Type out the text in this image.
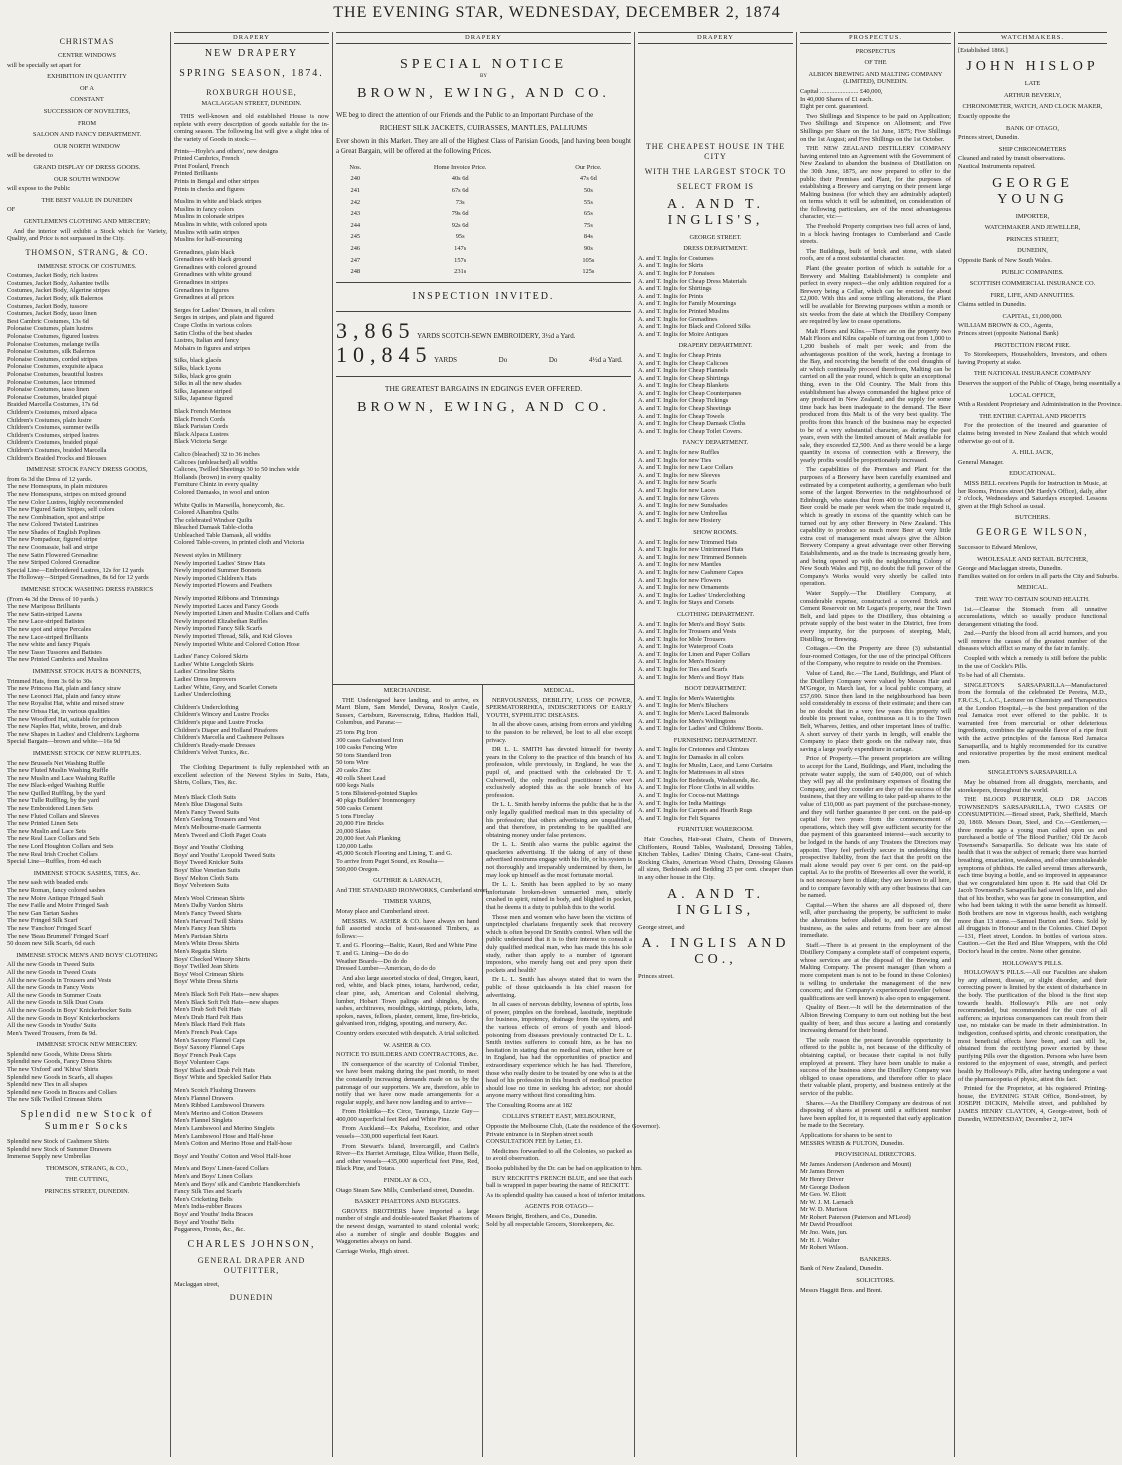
THE EVENING STAR, WEDNESDAY, DECEMBER 2, 1874
CHRISTMAS
CENTRE WINDOWS
will be specially set apart for
EXHIBITION IN QUANTITY
OF A
CONSTANT
SUCCESSION OF NOVELTIES,
FROM
SALOON AND FANCY DEPARTMENT.
OUR NORTH WINDOW
will be devoted to
GRAND DISPLAY OF DRESS GOODS.
OUR SOUTH WINDOW
will expose to the Public
THE BEST VALUE IN DUNEDIN
OF
GENTLEMEN'S CLOTHING AND MERCERY;
And the interior will exhibit a Stock which for Variety, Quality, and Price is not surpassed in the City.
THOMSON, STRANG, & CO.
IMMENSE STOCK OF COSTUMES.
Costumes, Jacket Body, rich lustres
Costumes, Jacket Body, Ashantee twills
Costumes, Jacket Body, Algerine stripes
Costumes, Jacket Body, silk Balernos
Costumes, Jacket Body, tussore
Costumes, Jacket Body, tasso linen
Best Cambric Costumes, 13s 6d
Polonaise Costumes, plain lustres
Polonaise Costumes, figured lustres
Polonaise Costumes, melange twills
Polonaise Costumes, silk Balernos
Polonaise Costumes, corded stripes
Polonaise Costumes, exquisite alpaca
Polonaise Costumes, beautiful lustres
Polonaise Costumes, lace trimmed
Polonaise Costumes, tasso linen
Polonaise Costumes, braided piqué
Braided Marcella Costumes, 17s 6d
Children's Costumes, mixed alpaca
Children's Costumes, plain lustre
Children's Costumes, summer twills
Children's Costumes, striped lustres
Children's Costumes, braided piqué
Children's Costumes, braided Marcella
Children's Braided Frocks and Blouses
IMMENSE STOCK FANCY DRESS GOODS,
from 6s 3d the Dress of 12 yards.
The new Homespuns, in plain mixtures
The new Homespuns, stripes on mixed ground
The new Color Lustres, highly recommended
The new Figured Satin Stripes, self colors
The new Combination, spot and stripe
The new Colored Twisted Lustrines
The new Shades of English Poplines
The new Pompadour, figured stripe
The new Coomassie, ball and stripe
The new Satin Flowered Grenadine
The new Striped Colored Grenadine
Special Line—Embroidered Lustres, 12s for 12 yards
The Holloway—Striped Grenadines, 8s 6d for 12 yards
IMMENSE STOCK WASHING DRESS FABRICS
(From 4s 3d the Dress of 10 yards.)
The new Mariposa Brilliants
The new Satin-striped Lawns
The new Lace-striped Batistes
The new spot and stripe Percales
The new Lace-striped Brilliants
The new white and fancy Piqués
The new Tasso Tussores and Batistes
The new Printed Cambrics and Muslins
IMMENSE STOCK HATS & BONNETS,
Trimmed Hats, from 3s 6d to 30s
The new Princess Hat, plain and fancy straw
The new Leonoci Hat, plain and fancy straw
The new Royalist Hat, white and mixed straw
The new Orissa Hat, in various qualities
The new Woodford Hat, suitable for princes
The new Naples Hat, white, brown, and drab
The new Shapes in Ladies' and Children's Leghorns
Special Bargain—brown and white—16s 9d
IMMENSE STOCK OF NEW RUFFLES.
The new Brussels Net Washing Ruffle
The new Fluted Muslin Washing Ruffle
The new Muslin and Lace Washing Ruffle
The new Black-edged Washing Ruffle
The new Quilled Ruffling, by the yard
The new Tulle Ruffling, by the yard
The new Embroidered Linen Sets
The new Fluted Collars and Sleeves
The new Printed Linen Sets
The new Muslin and Lace Sets
The new Real Lace Collars and Sets
The new Lord Houghton Collars and Sets
The new Real Irish Crochet Collars
Special Line—Ruffles, from 4d each
IMMENSE STOCK SASHES, TIES, &c.
The new sash with beaded ends
The new Roman, fancy colored sashes
The new Moire Antique Fringed Sash
The new Faille and Moire Fringed Sash
The new Gan Tartan Sashes
The new Fringed Silk Scarf
The new 'Fanchon' Fringed Scarf
The new 'Beau Brummel' Fringed Scarf
50 dozen new Silk Scarfs, 6d each
IMMENSE STOCK MEN'S AND BOYS' CLOTHING
All the new Goods in Tweed Suits
All the new Goods in Tweed Coats
All the new Goods in Trousers and Vests
All the new Goods in Fancy Vests
All the new Goods in Summer Coats
All the new Goods in Silk Dust Coats
All the new Goods in Boys' Knickerbocker Suits
All the new Goods in Boys' Knickerbockers
All the new Goods in Youths' Suits
Men's Tweed Trousers, from 8s 9d.
IMMENSE STOCK NEW MERCERY.
Splendid new Goods, White Dress Shirts
Splendid new Goods, Fancy Dress Shirts
The new 'Oxford' and 'Khiva' Shirts
Splendid new Goods in Scarfs, all shapes
Splendid new Ties in all shapes
Splendid new Goods in Braces and Collars
The new Silk Twilled Crimean Shirts
Splendid new Stock of Summer Socks
Splendid new Stock of Cashmere Shirts
Splendid new Stock of Summer Drawers
Immense Supply new Umbrellas
THOMSON, STRANG, & CO.,
THE CUTTING,
PRINCES STREET, DUNEDIN.
DRAPERY
NEW DRAPERY
SPRING SEASON, 1874.
ROXBURGH HOUSE,
MACLAGGAN STREET, DUNEDIN.
THIS well-known and old established House is now replete with every description of goods suitable for the in-coming season. The following list will give a slight idea of the variety of Goods in stock:—
Prints—Hoyle's and others', new designs
Printed Cambrics, French
Print Foulard, French
Printed Brilliants
Prints in Bengal and other stripes
Prints in checks and figures
Muslins in white and black stripes
Muslins in fancy colors
Muslins in colonade stripes
Muslins in white, with colored spots
Muslins with satin stripes
Muslins for half-mourning
Grenadines, plain black
Grenadines with black ground
Grenadines with colored ground
Grenadines with white ground
Grenadines in stripes
Grenadines in figures
Grenadines at all prices
Serges for Ladies' Dresses, in all colors
Serges in stripes, and plain and figured
Crape Cloths in various colors
Satin Cloths of the best shades
Lustres, Italian and fancy
Mohairs in figures and stripes
Silks, black glacés
Silks, black Lyons
Silks, black gros grain
Silks in all the new shades
Silks, Japanese striped
Silks, Japanese figured
Black French Merinos
Black French Cords
Black Parisian Cords
Black Alpaca Lustres
Black Victoria Serge
Calico (bleached) 32 to 36 inches
Calicoes (unbleached) all widths
Calicoes, Twilled Sheetings 30 to 50 inches wide
Hollands (brown) in every quality
Furniture Chintz in every quality
Colored Damasks, in wool and union
White Quilts in Marseilla, honeycomb, &c.
Colored Alhambra Quilts
The celebrated Windsor Quilts
Bleached Damask Table-cloths
Unbleached Table Damask, all widths
Colored Table-covers, in printed cloth and Victoria
Newest styles in Millinery
Newly imported Ladies' Straw Hats
Newly imported Summer Bonnets
Newly imported Children's Hats
Newly imported Flowers and Feathers
Newly imported Ribbons and Trimmings
Newly imported Laces and Fancy Goods
Newly imported Linen and Muslin Collars and Cuffs
Newly imported Elizabethan Ruffles
Newly imported Fancy Silk Scarfs
Newly imported Thread, Silk, and Kid Gloves
Newly imported White and Colored Cotton Hose
Ladies' Fancy Colored Skirts
Ladies' White Longcloth Skirts
Ladies' Crinoline Skirts
Ladies' Dress Improvers
Ladies' White, Grey, and Scarlet Corsets
Ladies' Underclothing
Children's Underclothing
Children's Wincey and Lustre Frocks
Children's pique and Lustre Frocks
Children's Diaper and Holland Pinafores
Children's Marcella and Cashmere Pelisses
Children's Ready-made Dresses
Children's Velvet Tunics, &c.
The Clothing Department is fully replenished with an excellent selection of the Newest Styles in Suits, Hats, Shirts, Collars, Ties, &c.
Men's Black Cloth Suits
Men's Blue Diagonal Suits
Men's Fancy Tweed Suits
Men's Geelong Trousers and Vest
Men's Melbourne-made Garments
Men's Tweed and Cloth Paget Coats
Boys' and Youths' Clothing
Boys' and Youths' Leopold Tweed Suits
Boys' Tweed Knicker Suits
Boys' Blue Venetian Suits
Boys' Melton Cloth Suits
Boys' Velveteen Suits
Men's Wool Crimean Shirts
Men's Dalby Vardon Shirts
Men's Fancy Tweed Shirts
Men's Harvard Twill Shirts
Men's Fancy Jean Shirts
Men's Parisian Shirts
Men's White Dress Shirts
Men's Regatta Shirts
Boys' Checked Wincey Shirts
Boys' Twilled Jean Shirts
Boys' Wool Crimean Shirts
Boys' White Dress Shirts
Men's Black Soft Felt Hats—new shapes
Men's Black Soft Felt Hats—new shapes
Men's Drab Soft Felt Hats
Men's Drab Hard Felt Hats
Men's Black Hard Felt Hats
Men's French Peak Caps
Men's Saxony Flannel Caps
Boys' Saxony Flannel Caps
Boys' French Peak Caps
Boys' Volunteer Caps
Boys' Black and Drab Felt Hats
Boys' White and Speckled Sailor Hats
Men's Scotch Flushing Drawers
Men's Flannel Drawers
Men's Ribbed Lambswool Drawers
Men's Merino and Cotton Drawers
Men's Flannel Singlets
Men's Lambswool and Merino Singlets
Men's Lambswool Hose and Half-hose
Men's Cotton and Merino Hose and Half-hose
Boys' and Youths' Cotton and Wool Half-hose
Men's and Boys' Linen-faced Collars
Men's and Boys' Linen Collars
Men's and Boys' silk and Cambric Handkerchiefs
Fancy Silk Ties and Scarfs
Men's Cricketing Belts
Men's India-rubber Braces
Boys' and Youths' India Braces
Boys' and Youths' Belts
Puggarees, Fronts, &c., &c.
CHARLES JOHNSON,
GENERAL DRAPER AND OUTFITTER,
Maclaggan street,
DUNEDIN
DRAPERY
SPECIAL NOTICE
BY
BROWN, EWING, AND CO.
WE beg to direct the attention of our Friends and the Public to an Important Purchase of the
RICHEST SILK JACKETS, CUIRASSES, MANTLES, PALLIUMS
Ever shown in this Market. They are all of the Highest Class of Parisian Goods, [and having been bought a Great Bargain, will be offered at the following Prices.
Nos.	Home Invoice Price.	Our Price.
240	40s 6d	47s 6d
241	67s 6d	50s
242	73s	55s
243	79s 6d	65s
244	92s 6d	75s
245	95s	84s
246	147s	90s
247	157s	105s
248	231s	125s
INSPECTION INVITED.
3,865 YARDS SCOTCH-SEWN EMBROIDERY, 3½d a Yard.
10,845 YARDS	Do	Do	4½d a Yard.
THE GREATEST BARGAINS IN EDGINGS EVER OFFERED.
BROWN, EWING, AND CO.
MERCHANDISE.
THE Undersigned have landing, and to arrive, ex Marri Blum, Sam Mendel, Devana, Roslyn Castle, Sussex, Cartsburn, Ravenscraig, Edina, Haddon Hall, Columbus, and Parana:—
25 tons Pig Iron
300 cases Galvanised Iron
100 casks Fencing Wire
50 tons Standard Iron
50 tons Wire
20 casks Zinc
40 rolls Sheet Lead
600 kegs Nails
5 tons Blistered-pointed Staples
40 pkgs Builders' Ironmongery
500 casks Cement
5 tons Fireclay
20,000 Fire Bricks
20,000 Slates
20,000 feet Ash Planking
120,000 Laths
45,000 Scotch Flooring and Lining, T. and G.
To arrive from Puget Sound, ex Rosalia—
500,000 Oregon.
GUTHRIE & LARNACH,
And THE STANDARD IRONWORKS, Cumberland street.
TIMBER YARDS,
Moray place and Cumberland street.
MESSRS. W. ASHER & CO. have always on hand full assorted stocks of best-seasoned Timbers, as follows:—
T. and G. Flooring—Baltic, Kauri, Red and White Pine
T. and G. Lining—Do do do
Weather Boards—Do do do
Dressed Lumber—American, do do do
And also large assorted stocks of deal, Oregon, kauri, red, white, and black pines, totara, hardwood, cedar, clear pine, ash, American and Colonial shelving, lumber, Hobart Town palings and shingles, doors, sashes, architraves, mouldings, skirtings, pickets, laths, spokes, naves, felloes, plaster, cement, lime, fire-bricks, galvanised iron, ridging, spouting, and nursery, &c.
Country orders executed with despatch. A trial solicited.
W. ASHER & CO.
NOTICE TO BUILDERS AND CONTRACTORS, &c.
IN consequence of the scarcity of Colonial Timber, we have been making during the past month, to meet the constantly increasing demands made on us by the patronage of our supporters. We are, therefore, able to notify that we have now made arrangements for a regular supply, and have now landing and to arrive—
From Hokitika—Ex Circe, Tauranga, Lizzie Guy—400,000 superficial feet Red and White Pine.
From Auckland—Ex Pakeha, Excelsior, and other vessels—330,000 superficial feet Kauri.
From Stewart's Island, Invercargill, and Catlin's River—Ex Harriet Armitage, Eliza Wilkie, Huon Belle, and other vessels—435,000 superficial feet Pine, Red, Black Pine, and Totara.
FINDLAY & CO.,
Otago Steam Saw Mills, Cumberland street, Dunedin.
BASKET PHAETONS AND BUGGIES.
GROVES BROTHERS have imported a large number of single and double-seated Basket Phaetons of the newest design, warranted to stand colonial work; also a number of single and double Buggies and Waggonettes always on hand.
Carriage Works, High street.
MEDICAL.
NERVOUSNESS, DEBILITY, LOSS OF POWER, SPERMATORRHŒA, INDISCRETIONS OF EARLY YOUTH, SYPHILITIC DISEASES.
In all the above cases, arising from errors and yielding to the passion to be relieved, be lost to all else except privacy.
DR L. L. SMITH has devoted himself for twenty years in the Colony to the practice of this branch of his profession, while previously, in England, he was the pupil of, and practised with the celebrated Dr T. Culverwell, the only medical practitioner who ever exclusively adopted this as the sole branch of his profession.
Dr L. L. Smith hereby informs the public that he is the only legally qualified medical man in this speciality of his profession; that others advertising are unqualified, and that therefore, in pretending to be qualified are obtaining money under false pretences.
Dr L. L. Smith also warns the public against the quackeries advertising. If the taking of any of these advertised nostrums engage with his life, or his system is not thoroughly and irreparably undermined by them, he may look up himself as the most fortunate mortal.
Dr L. L. Smith has been applied to by so many unfortunate broken-down unmarried men, utterly crushed in spirit, ruined in body, and blighted in pocket, that he deems it a duty to publish this to the world.
Those men and women who have been the victims of unprincipled charlatans frequently seek that recovery which is often beyond Dr Smith's control. When will the public understand that it is to their interest to consult a duly qualified medical man, who has made this his sole study, rather than apply to a number of ignorant impostors, who merely hang out and prey upon their pockets and health?
Dr L. L. Smith has always stated that to warn the public of those quicksands is his chief reason for advertising.
In all cases of nervous debility, lowness of spirits, loss of power, pimples on the forehead, lassitude, ineptitude for business, impotency, drainage from the system, and the various effects of errors of youth and blood-poisoning from diseases previously contracted Dr L. L. Smith invites sufferers to consult him, as he has no hesitation in stating that no medical man, either here or in England, has had the opportunities of practice and extraordinary experience which he has had. Therefore, those who really desire to be treated by one who is at the head of his profession in this branch of medical practice should lose no time in seeking his advice; nor should anyone marry without first consulting him.
The Consulting Rooms are at 182
COLLINS STREET EAST, MELBOURNE,
Opposite the Melbourne Club, (Late the residence of the Governor).
Private entrance is in Stephen street south
CONSULTATION FEE by Letter, £1.
Medicines forwarded to all the Colonies, so packed as to avoid observation.
Books published by the Dr. can be had on application to him.
BUY RECKITT'S FRENCH BLUE, and see that each ball is wrapped in paper bearing the name of RECKITT.
As its splendid quality has caused a host of inferior imitations.
AGENTS FOR OTAGO—
Messrs Bright, Brothers, and Co., Dunedin.
Sold by all respectable Grocers, Storekeepers, &c.
DRAPERY
THE CHEAPEST HOUSE IN THE CITY
WITH THE LARGEST STOCK TO
SELECT FROM IS
A. AND T. INGLIS'S,
GEORGE STREET.
DRESS DEPARTMENT.
A. and T. Inglis for Costumes
A. and T. Inglis for Skirts
A. and T. Inglis for P Jonaises
A. and T. Inglis for Cheap Dress Materials
A. and T. Inglis for Shirtings
A. and T. Inglis for Prints
A. and T. Inglis for Family Mournings
A. and T. Inglis for Printed Muslins
A. and T. Inglis for Grenadines
A. and T. Inglis for Black and Colored Silks
A. and T. Inglis for Moire Antiques
DRAPERY DEPARTMENT.
A. and T. Inglis for Cheap Prints
A. and T. Inglis for Cheap Calicoes
A. and T. Inglis for Cheap Flannels
A. and T. Inglis for Cheap Shirtings
A. and T. Inglis for Cheap Blankets
A. and T. Inglis for Cheap Counterpanes
A. and T. Inglis for Cheap Tickings
A. and T. Inglis for Cheap Sheetings
A. and T. Inglis for Cheap Towels
A. and T. Inglis for Cheap Damask Cloths
A. and T. Inglis for Cheap Toilet Covers.
FANCY DEPARTMENT.
A. and T. Inglis for new Ruffles
A. and T. Inglis for new Ties
A. and T. Inglis for new Lace Collars
A. and T. Inglis for new Sleeves
A. and T. Inglis for new Scarfs
A. and T. Inglis for new Laces
A. and T. Inglis for new Gloves
A. and T. Inglis for new Sunshades
A. and T. Inglis for new Umbrellas
A. and T. Inglis for new Hosiery
SHOW ROOMS.
A. and T. Inglis for new Trimmed Hats
A. and T. Inglis for new Untrimmed Hats
A. and T. Inglis for new Trimmed Bonnets
A. and T. Inglis for new Mantles
A. and T. Inglis for new Cashmere Capes
A. and T. Inglis for new Flowers
A. and T. Inglis for new Ornaments
A. and T. Inglis for Ladies' Underclothing
A. and T. Inglis for Stays and Corsets
CLOTHING DEPARTMENT.
A. and T. Inglis for Men's and Boys' Suits
A. and T. Inglis for Trousers and Vests
A. and T. Inglis for Mole Trousers
A. and T. Inglis for Waterproof Coats
A. and T. Inglis for Linen and Paper Collars
A. and T. Inglis for Men's Hosiery
A. and T. Inglis for Ties and Scarfs
A. and T. Inglis for Men's and Boys' Hats
BOOT DEPARTMENT.
A. and T. Inglis for Men's Watertights
A. and T. Inglis for Men's Bluchers
A. and T. Inglis for Men's Laced Balmorals
A. and T. Inglis for Men's Wellingtons
A. and T. Inglis for Ladies' and Childrens' Boots.
FURNISHING DEPARTMENT.
A. and T. Inglis for Cretonnes and Chintzes
A. and T. Inglis for Damasks in all colors
A. and T. Inglis for Muslin, Lace, and Leno Curtains
A. and T. Inglis for Mattresses in all sizes
A. and T. Inglis for Bedsteads, Washstands, &c.
A. and T. Inglis for Floor Cloths in all widths
A. and T. Inglis for Cocoa-nut Mattings
A. and T. Inglis for India Mattings
A. and T. Inglis for Carpets and Hearth Rugs
A. and T. Inglis for Felt Squares
FURNITURE WAREROOM.
Hair Couches, Hair-seat Chairs, Chests of Drawers, Chiffoniers, Round Tables, Washstand, Dressing Tables, Kitchen Tables, Ladies' Dining Chairs, Cane-seat Chairs, Rocking Chairs, American Wood Chairs, Dressing Glasses all sizes, Bedsteads and Bedding 25 per cent. cheaper than in any other house in the City.
A. AND T. INGLIS,
George street, and
A. INGLIS AND CO.,
Princes street.
PROSPECTUS.
PROSPECTUS
OF THE
ALBION BREWING AND MALTING COMPANY (LIMITED), DUNEDIN.
Capital ........................ £40,000,
In 40,000 Shares of £1 each.
Eight per cent. guaranteed.
Two Shillings and Sixpence to be paid on Application; Two Shillings and Sixpence on Allotment; and Five Shillings per Share on the 1st June, 1875; Five Shillings on the 1st August; and Five Shillings on the 1st October.
THE NEW ZEALAND DISTILLERY COMPANY having entered into an Agreement with the Government of New Zealand to abandon the business of Distillation on the 30th June, 1875, are now prepared to offer to the public their Premises and Plant, for the purposes of establishing a Brewery and carrying on their present large Malting business (for which they are admirably adapted) on terms which it will be submitted, on consideration of the following particulars, are of the most advantageous character, viz:—
The Freehold Property comprises two full acres of land, in a block having frontages to Cumberland and Castle streets.
The Buildings, built of brick and stone, with slated roofs, are of a most substantial character.
Plant (the greater portion of which is suitable for a Brewery and Malting Establishment) is complete and perfect in every respect—the only addition required for a Brewery being a Cellar, which can be erected for about £2,000. With this and some trifling alterations, the Plant will be available for Brewing purposes within a month or six weeks from the date at which the Distillery Company are required by law to cease operations.
Malt Floors and Kilns.—There are on the property two Malt Floors and Kilns capable of turning out from 1,000 to 1,200 bushels of malt per week; and from the advantageous position of the work, having a frontage to the Bay, and receiving the benefit of the cool draughts of air which continually proceed therefrom, Malting can be carried on all the year round, which is quite an exceptional thing, even in the Old Country. The Malt from this establishment has always commanded the highest price of any produced in New Zealand; and the supply for some time back has been inadequate to the demand. The Beer produced from this Malt is of the very best quality. The profits from this branch of the business may be expected to be of a very substantial character, as during the past years, even with the limited amount of Malt available for sale, they exceeded £2,500. And as there would be a large quantity in excess of connection with a Brewery, the yearly profits would be proportionately increased.
The capabilities of the Premises and Plant for the purposes of a Brewery have been carefully examined and estimated by a competent authority, a gentleman who built some of the largest Breweries in the neighbourhood of Edinburgh, who states that from 400 to 500 hogsheads of Beer could be made per week when the trade required it, which is greatly in excess of the quantity which can be turned out by any other Brewery in New Zealand. This capability to produce so much more Beer at very little extra cost of management must always give the Albion Brewery Company a great advantage over other Brewing Establishments, and as the trade is increasing greatly here, and being opened up with the neighbouring Colony of New South Wales and Fiji, no doubt the full power of the Company's Works would very shortly be called into operation.
Water Supply.—The Distillery Company, at considerable expense, constructed a covered Brick and Cement Reservoir on Mr Logan's property, near the Town Belt, and laid pipes to the Distillery, thus obtaining a private supply of the best water in the District, free from every impurity, for the purposes of steeping, Malt, Distilling, or Brewing.
Cottages.—On the Property are three (3) substantial four-roomed Cottages, for the use of the principal Officers of the Company, who require to reside on the Premises.
Value of Land, &c.—The Land, Buildings, and Plant of the Distillery Company were valued by Messrs Hair and M'Gregor, in March last, for a local public company, at £57,690. Since then land in the neighbourhood has been sold considerably in excess of their estimate; and there can be no doubt that in a very few years this property will double its present value, continuous as it is to the Town Belt, Wharves, Jetties, and other important lines of traffic. A short survey of their yards in length, will enable the Company to place their goods on the railway rate, thus saving a large yearly expenditure in cartage.
Price of Property.—The present proprietors are willing to accept for the Land, Buildings, and Plant, including the private water supply, the sum of £40,000, out of which they will pay all the preliminary expenses of floating the Company, and they consider are they of the success of the business, that they are willing to take paid-up shares to the value of £10,000 as part payment of the purchase-money, and they will further guarantee 8 per cent. on the paid-up capital for two years from the commencement of operations, which they will give sufficient security for the due payment of this guaranteed interest—such security to be lodged in the hands of any Trustees the Directors may appoint. They feel perfectly secure in undertaking this prospective liability, from the fact that the profit on the malt alone would pay over 6 per cent. on the paid-up capital. As to the profits of Breweries all over the world, it is not necessary here to dilate; they are known to all here, and to compare favorably with any other business that can be named.
Capital.—When the shares are all disposed of, there will, after purchasing the property, be sufficient to make the alterations before alluded to, and to carry on the business, as the sales and returns from beer are almost immediate.
Staff.—There is at present in the employment of the Distillery Company a complete staff of competent experts, whose services are at the disposal of the Brewing and Malting Company. The present manager (than whom a more competent man is not to be found in these Colonies) is willing to undertake the management of the new concern; and the Company's experienced traveller (whose qualifications are well known) is also open to engagement.
Quality of Beer.—It will be the determination of the Albion Brewing Company to turn out nothing but the best quality of beer, and thus secure a lasting and constantly increasing demand for their brand.
The sole reason the present favorable opportunity is offered to the public is, not because of the difficulty of obtaining capital, or because their capital is not fully employed at present. They have been unable to make a success of the business since the Distillery Company was obliged to cease operations, and therefore offer to place their valuable plant, property, and business entirely at the service of the public.
Shares.—As the Distillery Company are desirous of not disposing of shares at present until a sufficient number have been applied for, it is requested that early application be made to the Secretary.
Applications for shares to be sent to
MESSRS WEBB & FULTON, Dunedin.
PROVISIONAL DIRECTORS.
Mr James Anderson (Anderson and Mount)
Mr James Brown
Mr Henry Driver
Mr George Dodson
Mr Geo. W. Eliott
Mr W. J. M. Larnach
Mr W. D. Murison
Mr Robert Paterson (Paterson and M'Leod)
Mr David Proudfoot
Mr Jno. Wain, jun.
Mr H. J. Walter
Mr Robert Wilson.
BANKERS.
Bank of New Zealand, Dunedin.
SOLICITORS.
Messrs Haggitt Bros. and Brent.
WATCHMAKERS.
[Established 1866.]
JOHN HISLOP
LATE
ARTHUR BEVERLY,
CHRONOMETER, WATCH, AND CLOCK MAKER,
Exactly opposite the
BANK OF OTAGO,
Princes street, Dunedin.
SHIP CHRONOMETERS
Cleaned and rated by transit observations.
Nautical Instruments repaired.
GEORGE YOUNG
IMPORTER,
WATCHMAKER AND JEWELLER,
PRINCES STREET,
DUNEDIN,
Opposite Bank of New South Wales.
PUBLIC COMPANIES.
SCOTTISH COMMERCIAL INSURANCE CO.
FIRE, LIFE, AND ANNUITIES.
Claims settled in Dunedin.
CAPITAL, £1,000,000.
WILLIAM BROWN & CO., Agents,
Princes street (opposite National Bank)
PROTECTION FROM FIRE.
To Storekeepers, Householders, Investors, and others having Property at stake.
THE NATIONAL INSURANCE COMPANY
Deserves the support of the Public of Otago, being essentially a
LOCAL OFFICE,
With a Resident Proprietary and Administration in the Province.
THE ENTIRE CAPITAL AND PROFITS
For the protection of the insured and guarantee of claims being invested in New Zealand that which would otherwise go out of it.
A. HILL JACK,
General Manager.
EDUCATIONAL.
MISS BELL receives Pupils for Instruction in Music, at her Rooms, Princes street (Mr Hardy's Office), daily, after 2 o'clock, Wednesdays and Saturdays excepted. Lessons given at the High School as usual.
BUTCHERS.
GEORGE WILSON,
Successor to Edward Menlove,
WHOLESALE AND RETAIL BUTCHER,
George and Maclaggan streets, Dunedin.
Families waited on for orders in all parts the City and Suburbs.
MEDICAL.
THE WAY TO OBTAIN SOUND HEALTH.
1st.—Cleanse the Stomach from all unnative accumulations, which so usually produce functional derangement vitiating the food.
2nd.—Purify the blood from all acrid humors, and you will remove the causes of the greatest number of the diseases which afflict so many of the fair in family.
Coupled with which a remedy is still before the public in the use of Cockle's Pills.
To be had of all Chemists.
SINGLETON'S SARSAPARILLA—Manufactured from the formula of the celebrated Dr Pereira, M.D., F.R.C.S., L.A.C., Lecturer on Chemistry and Therapeutics at the London Hospital,—is the best preparation of the real Jamaica root ever offered to the public. It is warranted free from mercurial or other deleterious ingredients, combines the agreeable flavor of a ripe fruit with the active principles of the famous Red Jamaica Sarsaparilla, and is highly recommended for its curative and restorative properties by the most eminent medical men.
SINGLETON'S SARSAPARILLA
May be obtained from all druggists, merchants, and storekeepers, throughout the world.
THE BLOOD PURIFIER, OLD DR JACOB TOWNSEND'S SARSAPARILLA, TWO CASES OF CONSUMPTION.—Broad street, Park, Sheffield, March 20, 1869. Messrs Dean, Steel, and Co.—Gentlemen,—three months ago a young man called upon us and purchased a bottle of 'The Blood Purifier,' Old Dr Jacob Townsend's Sarsaparilla. So delicate was his state of health that it was the subject of remark; there was hurried breathing, emaciation, weakness, and other unmistakeable symptoms of phthisis. He called several times afterwards, each time buying a bottle, and so improved in appearance that we congratulated him upon it. He said that Old Dr Jacob Townsend's Sarsaparilla had saved his life, and also that of his brother, who was far gone in consumption, and who had been taking it with the same benefit as himself. Both brothers are now in vigorous health, each weighing more than 13 stone.—Samuel Burton and Sons. Sold by all druggists in Honour and in the Colonies. Chief Depot—131, Fleet street, London. In bottles of various sizes. Caution.—Get the Red and Blue Wrappers, with the Old Doctor's head in the centre. None other genuine.
HOLLOWAY'S PILLS.
HOLLOWAY'S PILLS.—All our Faculties are shaken by any ailment, disease, or slight disorder, and their correcting power is limited by the extent of disturbance in the body. The purification of the blood is the first step towards health. Holloway's Pills are not only recommended, but recommended for the cure of all sufferers; as injurious consequences can result from their use, no mistake can be made in their administration. In indigestion, confused spirits, and chronic constipation, the most beneficial effects have been, and can still be, obtained from the rectifying power exerted by these purifying Pills over the digestion. Persons who have been restored to the enjoyment of ease, strength, and perfect health by Holloway's Pills, after having undergone a vast of the pharmacopœia of physic, attest this fact.
Printed for the Proprietor, at his registered Printing-house, the EVENING STAR Office, Bond-street, by JOSEPH DICKIN, Melville street, and published by JAMES HENRY CLAYTON, 4, George-street, both of Dunedin, WEDNESDAY, December 2, 1874
